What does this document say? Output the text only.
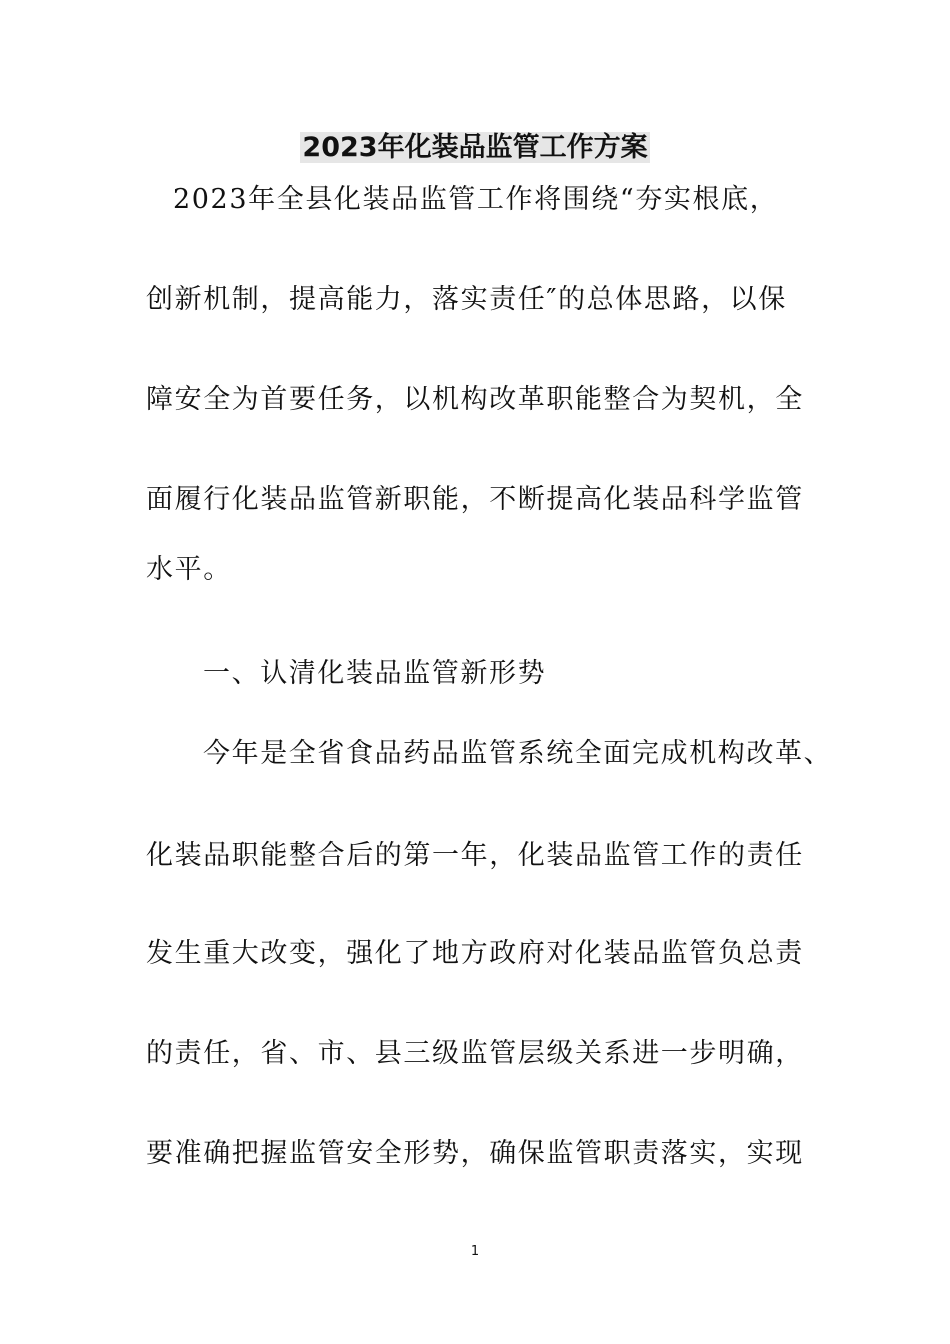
2023年化装品监管工作方案
2023年全县化装品监管工作将围绕“夯实根底，
创新机制，提高能力，落实责任″的总体思路，以保
障安全为首要任务，以机构改革职能整合为契机，全
面履行化装品监管新职能，不断提高化装品科学监管
水平。
一、认清化装品监管新形势
今年是全省食品药品监管系统全面完成机构改革、
化装品职能整合后的第一年，化装品监管工作的责任
发生重大改变，强化了地方政府对化装品监管负总责
的责任，省、市、县三级监管层级关系进一步明确，
要准确把握监管安全形势，确保监管职责落实，实现
1
